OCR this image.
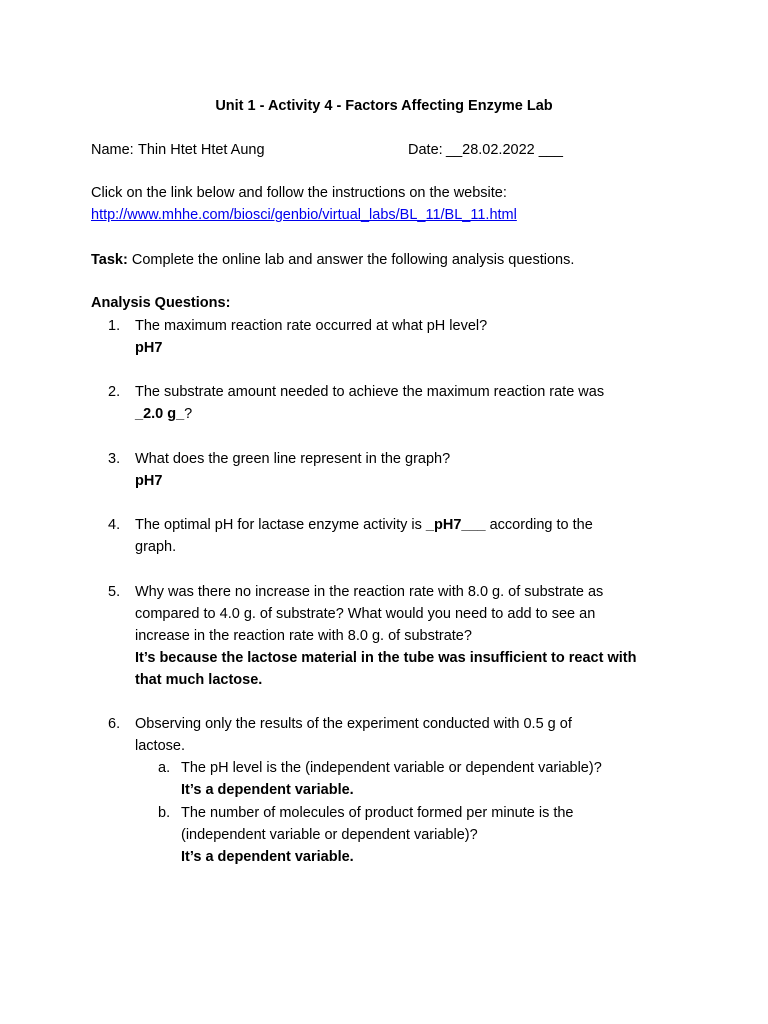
Unit 1 - Activity 4 - Factors Affecting Enzyme Lab
Name: Thin Htet Htet Aung	Date: __28.02.2022 ___
Click on the link below and follow the instructions on the website:
http://www.mhhe.com/biosci/genbio/virtual_labs/BL_11/BL_11.html
Task: Complete the online lab and answer the following analysis questions.
Analysis Questions:
1. The maximum reaction rate occurred at what pH level?
pH7
2. The substrate amount needed to achieve the maximum reaction rate was
_2.0 g_?
3. What does the green line represent in the graph?
pH7
4. The optimal pH for lactase enzyme activity is _pH7___ according to the
graph.
5. Why was there no increase in the reaction rate with 8.0 g. of substrate as
compared to 4.0 g. of substrate? What would you need to add to see an
increase in the reaction rate with 8.0 g. of substrate?
It’s because the lactose material in the tube was insufficient to react with
that much lactose.
6. Observing only the results of the experiment conducted with 0.5 g of
lactose.
a. The pH level is the (independent variable or dependent variable)?
It’s a dependent variable.
b. The number of molecules of product formed per minute is the
(independent variable or dependent variable)?
It’s a dependent variable.
